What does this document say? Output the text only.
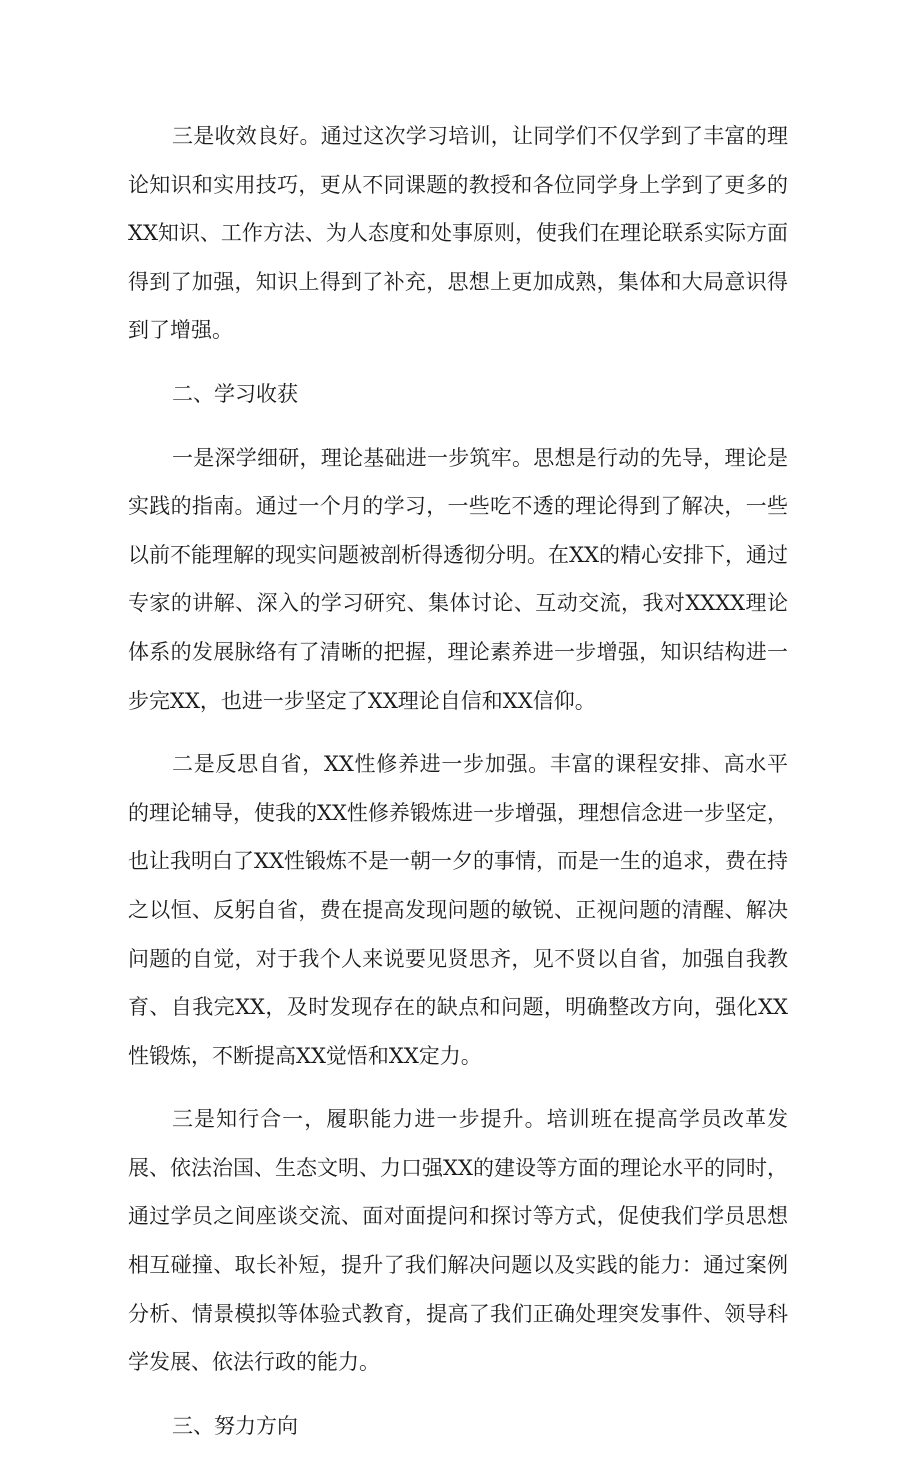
三是收效良好。通过这次学习培训，让同学们不仅学到了丰富的理论知识和实用技巧，更从不同课题的教授和各位同学身上学到了更多的XX知识、工作方法、为人态度和处事原则，使我们在理论联系实际方面得到了加强，知识上得到了补充，思想上更加成熟，集体和大局意识得到了增强。

二、学习收获

一是深学细研，理论基础进一步筑牢。思想是行动的先导，理论是实践的指南。通过一个月的学习，一些吃不透的理论得到了解决，一些以前不能理解的现实问题被剖析得透彻分明。在XX的精心安排下，通过专家的讲解、深入的学习研究、集体讨论、互动交流，我对XXXX理论体系的发展脉络有了清晰的把握，理论素养进一步增强，知识结构进一步完XX，也进一步坚定了XX理论自信和XX信仰。

二是反思自省，XX性修养进一步加强。丰富的课程安排、高水平的理论辅导，使我的XX性修养锻炼进一步增强，理想信念进一步坚定，也让我明白了XX性锻炼不是一朝一夕的事情，而是一生的追求，费在持之以恒、反躬自省，费在提高发现问题的敏锐、正视问题的清醒、解决问题的自觉，对于我个人来说要见贤思齐，见不贤以自省，加强自我教育、自我完XX，及时发现存在的缺点和问题，明确整改方向，强化XX性锻炼，不断提高XX觉悟和XX定力。

三是知行合一，履职能力进一步提升。培训班在提高学员改革发展、依法治国、生态文明、力口强XX的建设等方面的理论水平的同时，通过学员之间座谈交流、面对面提问和探讨等方式，促使我们学员思想相互碰撞、取长补短，提升了我们解决问题以及实践的能力：通过案例分析、情景模拟等体验式教育，提高了我们正确处理突发事件、领导科学发展、依法行政的能力。

三、努力方向
